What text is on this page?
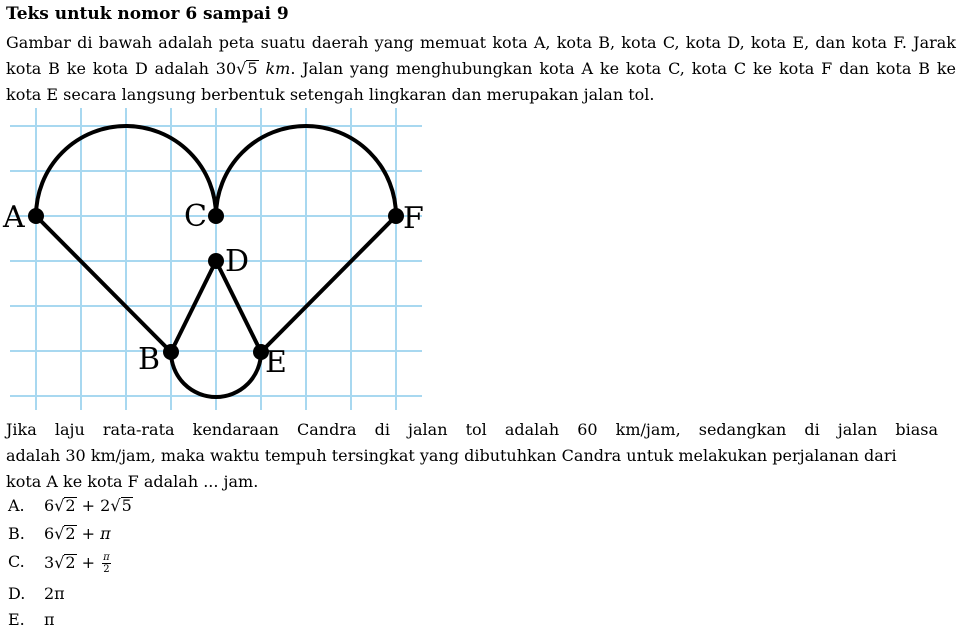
Teks untuk nomor 6 sampai 9
Gambar di bawah adalah peta suatu daerah yang memuat kota A, kota B, kota C, kota D, kota E, dan kota F. Jarak
kota B ke kota D adalah 30√5 km. Jalan yang menghubungkan kota A ke kota C, kota C ke kota F dan kota B ke
kota E secara langsung berbentuk setengah lingkaran dan merupakan jalan tol.
A	C	F
D
B	E
Jika laju rata-rata kendaraan Candra di jalan tol adalah 60 km/jam, sedangkan di jalan biasa
adalah 30 km/jam, maka waktu tempuh tersingkat yang dibutuhkan Candra untuk melakukan perjalanan dari
kota A ke kota F adalah ... jam.
A.	6√2 + 2√5
B.	6√2 + π
C.	$3√2 + \frac{\pi}{2}$
D.	2π
E.	π
